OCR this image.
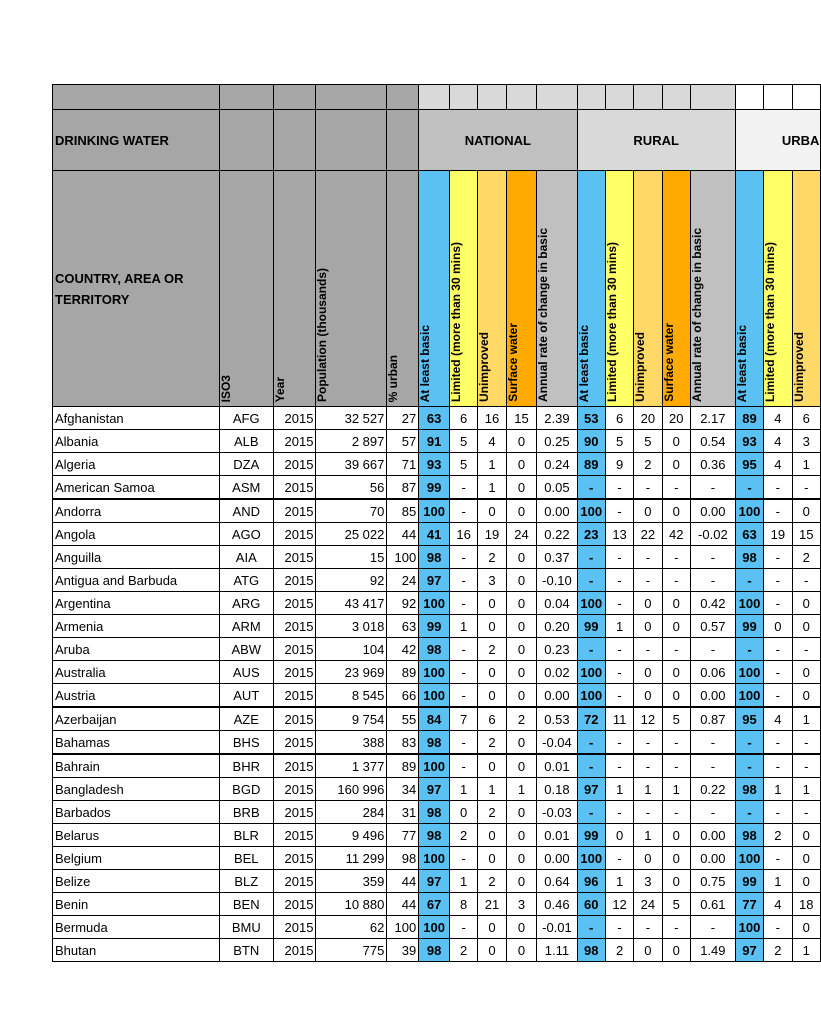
DRINKING WATER					NATIONAL					RURAL					URBA		
COUNTRY, AREA OR TERRITORY	ISO3	Year	Population (thousands)	% urban	At least basic	Limited (more than 30 mins)	Unimproved	Surface water	Annual rate of change in basic	At least basic	Limited (more than 30 mins)	Unimproved	Surface water	Annual rate of change in basic	At least basic	Limited (more than 30 mins)	Unimproved

Afghanistan	AFG	2015	32 527	27	63	6	16	15	2.39	53	6	20	20	2.17	89	4	6
Albania	ALB	2015	2 897	57	91	5	4	0	0.25	90	5	5	0	0.54	93	4	3
Algeria	DZA	2015	39 667	71	93	5	1	0	0.24	89	9	2	0	0.36	95	4	1
American Samoa	ASM	2015	56	87	99	-	1	0	0.05	-	-	-	-	-	-	-	-
Andorra	AND	2015	70	85	100	-	0	0	0.00	100	-	0	0	0.00	100	-	0
Angola	AGO	2015	25 022	44	41	16	19	24	0.22	23	13	22	42	-0.02	63	19	15
Anguilla	AIA	2015	15	100	98	-	2	0	0.37	-	-	-	-	-	98	-	2
Antigua and Barbuda	ATG	2015	92	24	97	-	3	0	-0.10	-	-	-	-	-	-	-	-
Argentina	ARG	2015	43 417	92	100	-	0	0	0.04	100	-	0	0	0.42	100	-	0
Armenia	ARM	2015	3 018	63	99	1	0	0	0.20	99	1	0	0	0.57	99	0	0
Aruba	ABW	2015	104	42	98	-	2	0	0.23	-	-	-	-	-	-	-	-
Australia	AUS	2015	23 969	89	100	-	0	0	0.02	100	-	0	0	0.06	100	-	0
Austria	AUT	2015	8 545	66	100	-	0	0	0.00	100	-	0	0	0.00	100	-	0
Azerbaijan	AZE	2015	9 754	55	84	7	6	2	0.53	72	11	12	5	0.87	95	4	1
Bahamas	BHS	2015	388	83	98	-	2	0	-0.04	-	-	-	-	-	-	-	-
Bahrain	BHR	2015	1 377	89	100	-	0	0	0.01	-	-	-	-	-	-	-	-
Bangladesh	BGD	2015	160 996	34	97	1	1	1	0.18	97	1	1	1	0.22	98	1	1
Barbados	BRB	2015	284	31	98	0	2	0	-0.03	-	-	-	-	-	-	-	-
Belarus	BLR	2015	9 496	77	98	2	0	0	0.01	99	0	1	0	0.00	98	2	0
Belgium	BEL	2015	11 299	98	100	-	0	0	0.00	100	-	0	0	0.00	100	-	0
Belize	BLZ	2015	359	44	97	1	2	0	0.64	96	1	3	0	0.75	99	1	0
Benin	BEN	2015	10 880	44	67	8	21	3	0.46	60	12	24	5	0.61	77	4	18
Bermuda	BMU	2015	62	100	100	-	0	0	-0.01	-	-	-	-	-	100	-	0
Bhutan	BTN	2015	775	39	98	2	0	0	1.11	98	2	0	0	1.49	97	2	1
